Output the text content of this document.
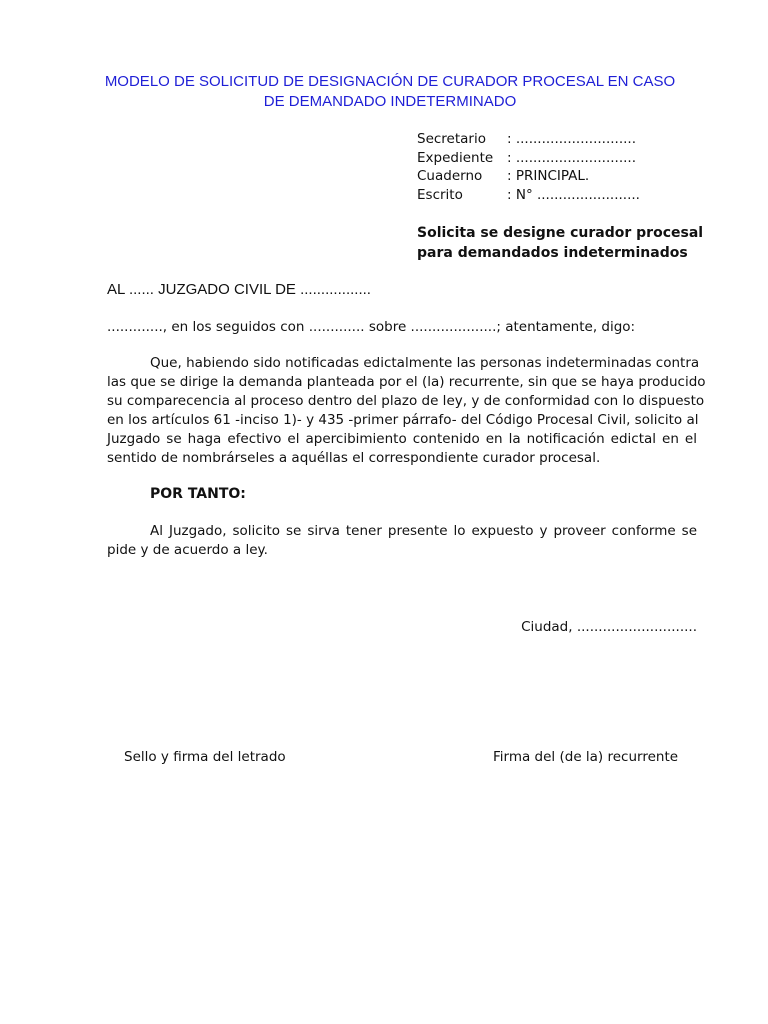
MODELO DE SOLICITUD DE DESIGNACIÓN DE CURADOR PROCESAL EN CASO
DE DEMANDADO INDETERMINADO
Secretario	: ............................
Expediente	: ............................
Cuaderno	: PRINCIPAL.
Escrito	: N° ........................
Solicita se designe curador procesal
para demandados indeterminados
AL ...... JUZGADO CIVIL DE .................
............., en los seguidos con ............. sobre ....................; atentamente, digo:
Que, habiendo sido notificadas edictalmente las personas indeterminadas contra
las que se dirige la demanda planteada por el (la) recurrente, sin que se haya producido
su comparecencia al proceso dentro del plazo de ley, y de conformidad con lo dispuesto
en los artículos 61 -inciso 1)- y 435 -primer párrafo- del Código Procesal Civil, solicito al
Juzgado se haga efectivo el apercibimiento contenido en la notificación edictal en el
sentido de nombrárseles a aquéllas el correspondiente curador procesal.
POR TANTO:
Al Juzgado, solicito se sirva tener presente lo expuesto y proveer conforme se
pide y de acuerdo a ley.
Ciudad, ............................
Sello y firma del letrado	Firma del (de la) recurrente
